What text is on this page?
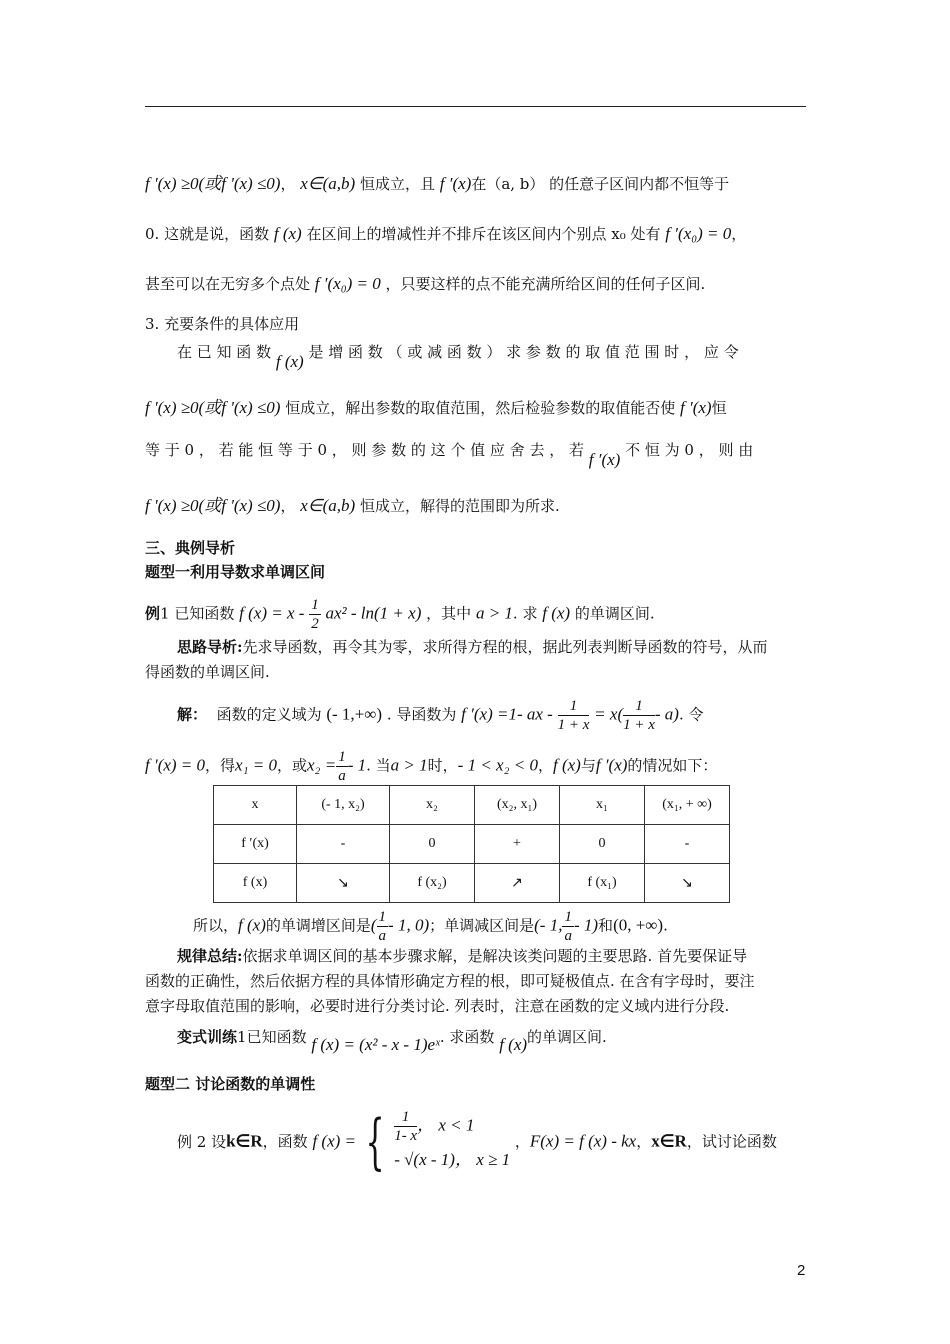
f '(x) ≥0(或f '(x) ≤0)， x∈(a,b) 恒成立，且 f ′(x)在（a, b） 的任意子区间内都不恒等于
0. 这就是说，函数 f (x) 在区间上的增减性并不排斥在该区间内个别点 x₀ 处有 f ′(x₀) = 0，
甚至可以在无穷多个点处 f ′(x₀) = 0 ，只要这样的点不能充满所给区间的任何子区间.
3. 充要条件的具体应用
在 已 知 函 数 f (x) 是 增 函 数 （ 或 减 函 数 ） 求 参 数 的 取 值 范 围 时 ， 应 令
f '(x) ≥0(或f '(x) ≤0) 恒成立，解出参数的取值范围，然后检验参数的取值能否使 f ′(x)恒
等 于 0 ， 若 能 恒 等 于 0 ， 则 参 数 的 这 个 值 应 舍 去 ， 若 f ′(x) 不 恒 为 0 ， 则 由
f '(x) ≥0(或f '(x) ≤0)， x∈(a,b) 恒成立，解得的范围即为所求.
三、典例导析
题型一利用导数求单调区间
例1 已知函数 f $(x) = x - \frac{1}{2} ax^2 - \ln(1 + x)$ ，其中 a > 1. 求 f (x) 的单调区间.
思路导析:先求导函数，再令其为零，求所得方程的根，据此列表判断导函数的符号，从而
得函数的单调区间.
解： 函数的定义域为 (- 1,+∞) . 导函数为 f ′(x) =1- ax - $\frac{1}{1 + x} = x( \frac{1}{1 + x} - a)$. 令
f ′(x) = 0，得x₁ = 0，或$x_2 = \frac{1}{a} - 1$. 当a > 1时，- 1 < x₂ < 0，f (x)与f ′(x)的情况如下：
x	(- 1, x₂)	x₂	(x₂, x₁)	x₁	(x₁, + ∞)
f ′(x)	-	0	+	0	-
f (x)	↘	f (x₂)	↗	f (x₁)	↘
所以，f (x)的单调增区间是( $\frac{1}{a} - 1$, 0)；单调减区间是(- 1, $\frac{1}{a} - 1$)和(0, +∞).
规律总结:依据求单调区间的基本步骤求解，是解决该类问题的主要思路. 首先要保证导
函数的正确性，然后依据方程的具体情形确定方程的根，即可疑极值点. 在含有字母时，要注
意字母取值范围的影响，必要时进行分类讨论. 列表时，注意在函数的定义域内进行分段.
变式训练1已知函数 f (x) = (x² - x - 1)eˣ. 求函数 f (x)的单调区间.
题型二 讨论函数的单调性
例 2 设k∈R，函数 f (x) = { $\frac{1}{1- x}$ ， x < 1
- √(x - 1)， x ≥ 1
，F(x) = f (x) - kx，x∈R，试讨论函数
2
